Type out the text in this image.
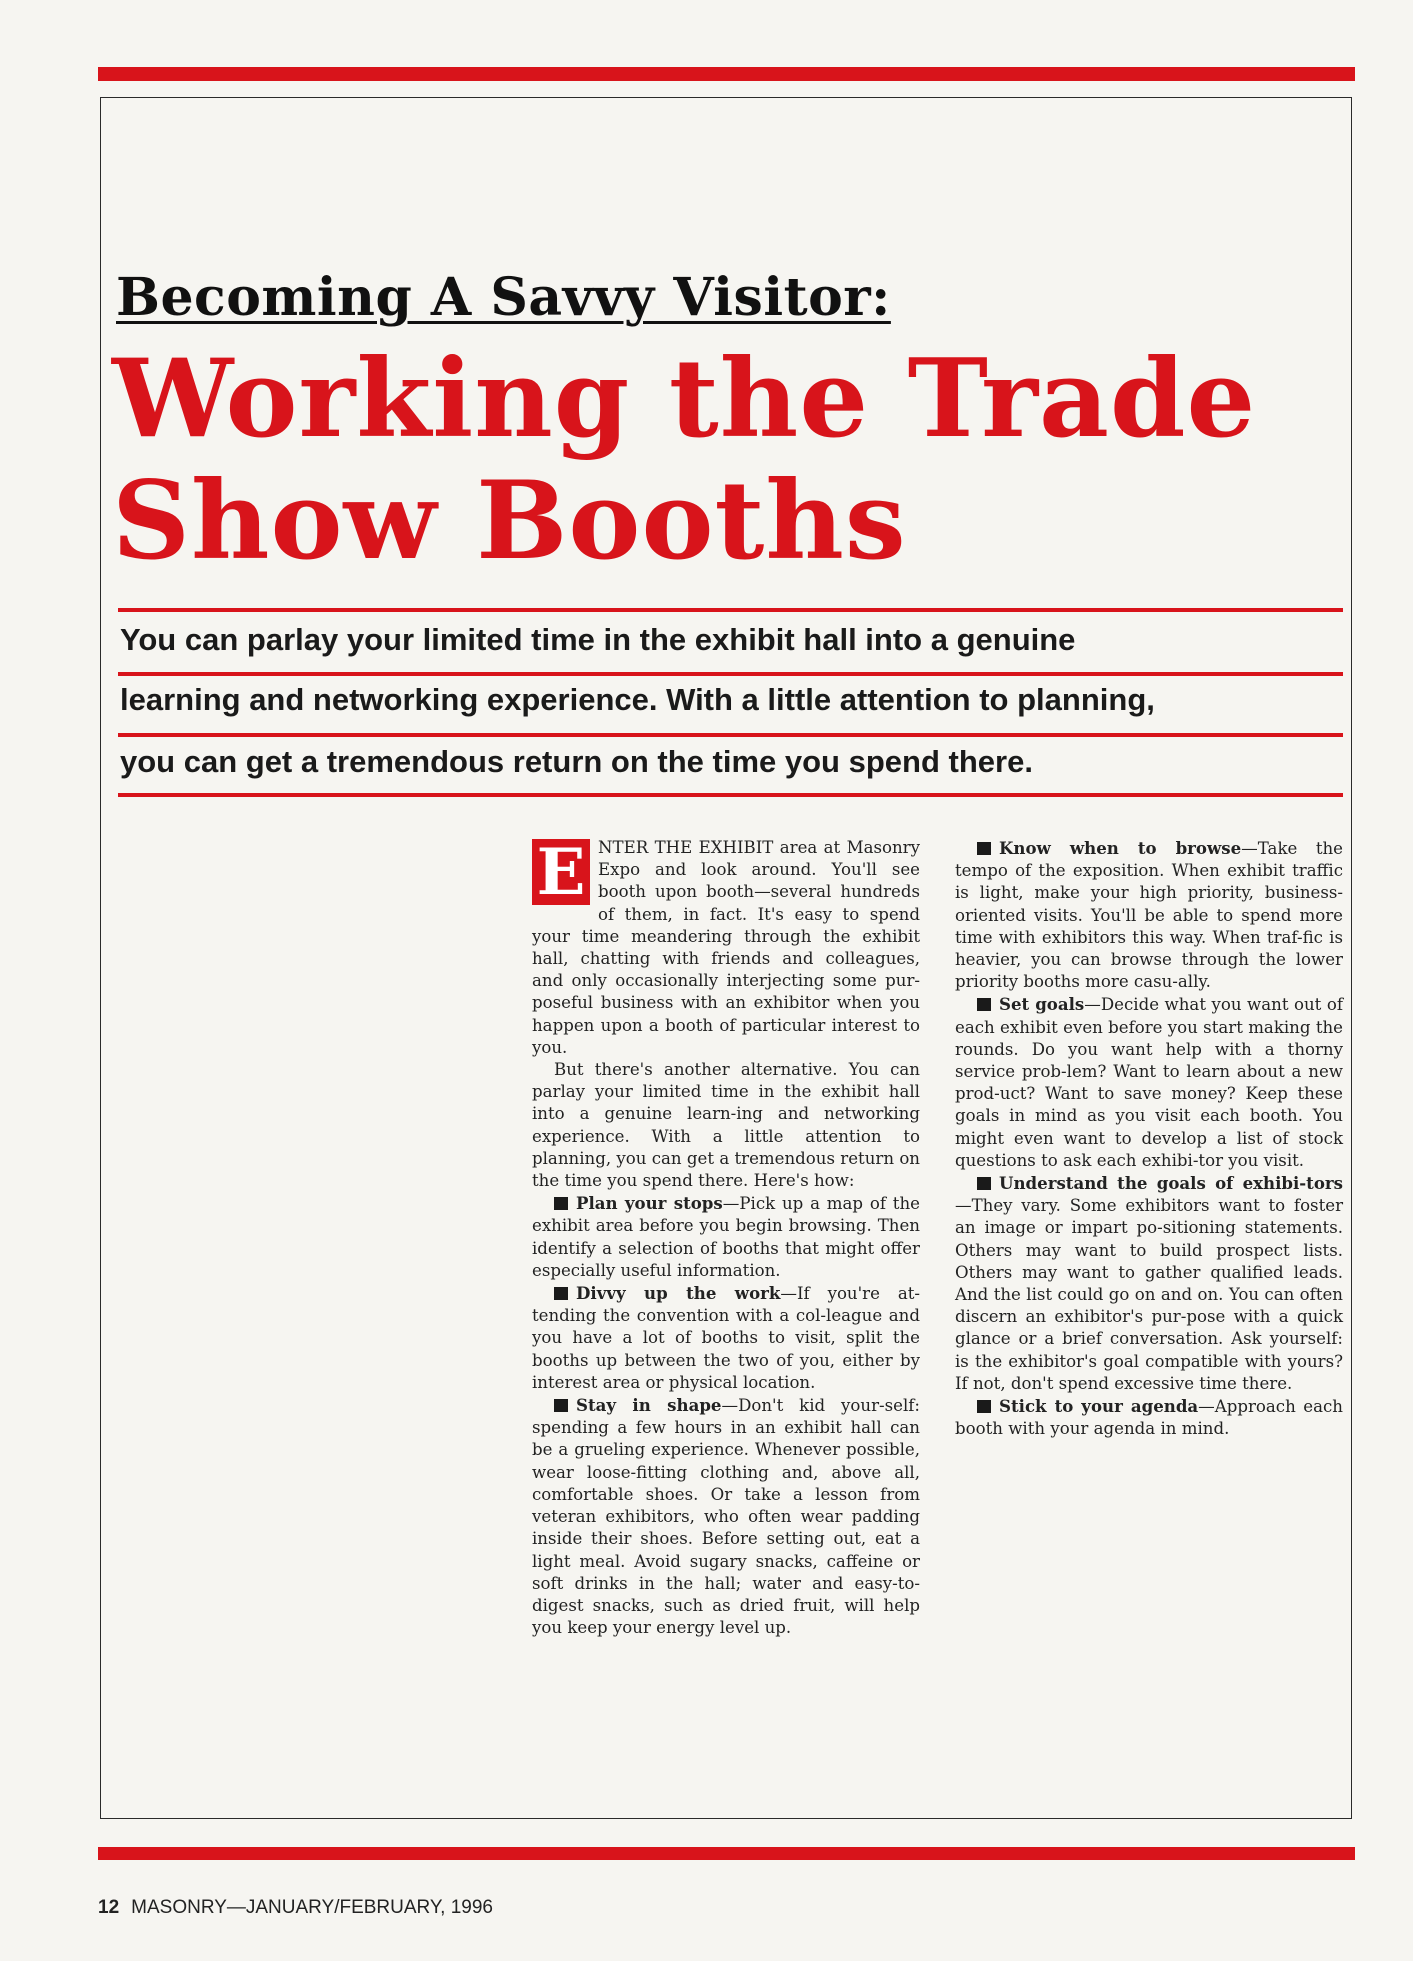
Becoming A Savvy Visitor:
Working the Trade Show Booths

You can parlay your limited time in the exhibit hall into a genuine

learning and networking experience. With a little attention to planning,

you can get a tremendous return on the time you spend there.

E NTER THE EXHIBIT area at Masonry Expo and look around. You'll see booth upon booth—several hundreds of them, in fact. It's easy to spend your time meandering through the exhibit hall, chatting with friends and colleagues, and only occasionally interjecting some pur-poseful business with an exhibitor when you happen upon a booth of particular interest to you.

But there's another alternative. You can parlay your limited time in the exhibit hall into a genuine learn-ing and networking experience. With a little attention to planning, you can get a tremendous return on the time you spend there. Here's how:

Plan your stops—Pick up a map of the exhibit area before you begin browsing. Then identify a selection of booths that might offer especially useful information.

Divvy up the work—If you're at-tending the convention with a col-league and you have a lot of booths to visit, split the booths up between the two of you, either by interest area or physical location.

Stay in shape—Don't kid your-self: spending a few hours in an exhibit hall can be a grueling experience. Whenever possible, wear loose-fitting clothing and, above all, comfortable shoes. Or take a lesson from veteran exhibitors, who often wear padding inside their shoes. Before setting out, eat a light meal. Avoid sugary snacks, caffeine or soft drinks in the hall; water and easy-to-digest snacks, such as dried fruit, will help you keep your energy level up.

Know when to browse—Take the tempo of the exposition. When exhibit traffic is light, make your high priority, business-oriented visits. You'll be able to spend more time with exhibitors this way. When traf-fic is heavier, you can browse through the lower priority booths more casu-ally.

Set goals—Decide what you want out of each exhibit even before you start making the rounds. Do you want help with a thorny service prob-lem? Want to learn about a new prod-uct? Want to save money? Keep these goals in mind as you visit each booth. You might even want to develop a list of stock questions to ask each exhibi-tor you visit.

Understand the goals of exhibi-tors —They vary. Some exhibitors want to foster an image or impart po-sitioning statements. Others may want to build prospect lists. Others may want to gather qualified leads. And the list could go on and on. You can often discern an exhibitor's pur-pose with a quick glance or a brief conversation. Ask yourself: is the exhibitor's goal compatible with yours? If not, don't spend excessive time there.

Stick to your agenda—Approach each booth with your agenda in mind.

12 MASONRY—JANUARY/FEBRUARY, 1996
